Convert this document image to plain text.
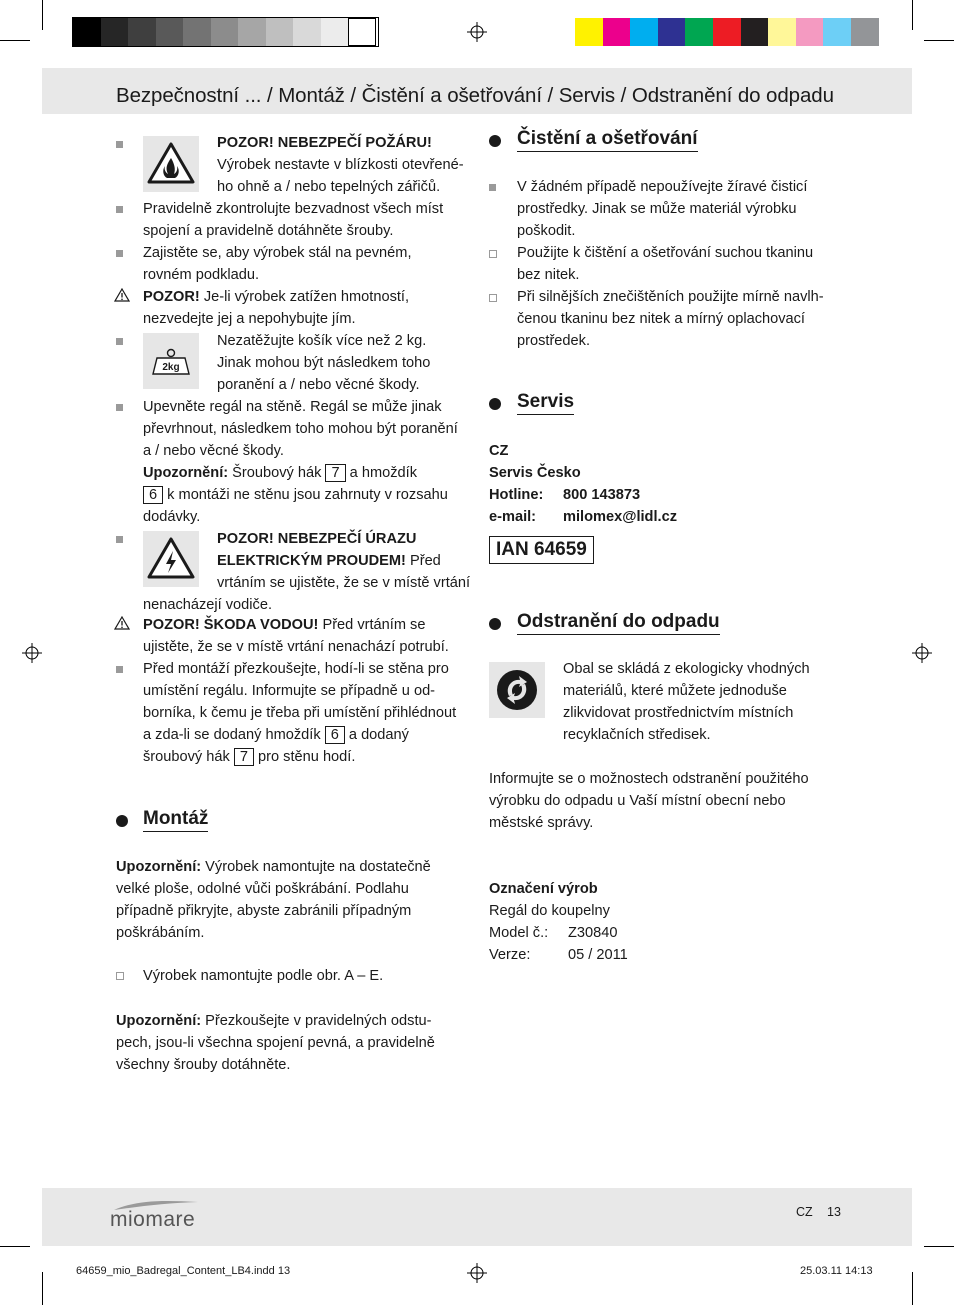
Bezpečnostní ... / Montáž / Čistění a ošetřování / Servis / Odstranění do odpadu
POZOR! NEBEZPEČÍ POŽÁRU!
Výrobek nestavte v blízkosti otevřené-
ho ohně a / nebo tepelných zářičů.
Pravidelně zkontrolujte bezvadnost všech míst
spojení a pravidelně dotáhněte šrouby.
Zajistěte se, aby výrobek stál na pevném,
rovném podkladu.
POZOR! Je-li výrobek zatížen hmotností,
nezvedejte jej a nepohybujte jím.
2kg
Nezatěžujte košík více než 2 kg.
Jinak mohou být následkem toho
poranění a / nebo věcné škody.
Upevněte regál na stěně. Regál se může jinak
převrhnout, následkem toho mohou být poranění
a / nebo věcné škody.
Upozornění: Šroubový hák 7 a hmoždík
6 k montáži ne stěnu jsou zahrnuty v rozsahu
dodávky.
POZOR! NEBEZPEČÍ ÚRAZU
ELEKTRICKÝM PROUDEM! Před
vrtáním se ujistěte, že se v místě vrtání
nenacházejí vodiče.
POZOR! ŠKODA VODOU! Před vrtáním se
ujistěte, že se v místě vrtání nenachází potrubí.
Před montáží přezkoušejte, hodí-li se stěna pro
umístění regálu. Informujte se případně u od-
borníka, k čemu je třeba při umístění přihlédnout
a zda-li se dodaný hmoždík 6 a dodaný
šroubový hák 7 pro stěnu hodí.
Montáž
Upozornění: Výrobek namontujte na dostatečně
velké ploše, odolné vůči poškrábání. Podlahu
případně přikryjte, abyste zabránili případným
poškrábáním.
Výrobek namontujte podle obr. A – E.
Upozornění: Přezkoušejte v pravidelných odstu-
pech, jsou-li všechna spojení pevná, a pravidelně
všechny šrouby dotáhněte.
Čistění a ošetřování
V žádném případě nepoužívejte žíravé čisticí
prostředky. Jinak se může materiál výrobku
poškodit.
Použijte k čištění a ošetřování suchou tkaninu
bez nitek.
Při silnějších znečištěních použijte mírně navlh-
čenou tkaninu bez nitek a mírný oplachovací
prostředek.
Servis
CZ
Servis Česko
Hotline: 800 143873
e-mail: milomex@lidl.cz
IAN 64659
Odstranění do odpadu
Obal se skládá z ekologicky vhodných
materiálů, které můžete jednoduše
zlikvidovat prostřednictvím místních
recyklačních středisek.
Informujte se o možnostech odstranění použitého
výrobku do odpadu u Vaší místní obecní nebo
městské správy.
Označení výrob
Regál do koupelny
Model č.: Z30840
Verze:	05 / 2011
miomare	CZ 13
64659_mio_Badregal_Content_LB4.indd 13	25.03.11 14:13
